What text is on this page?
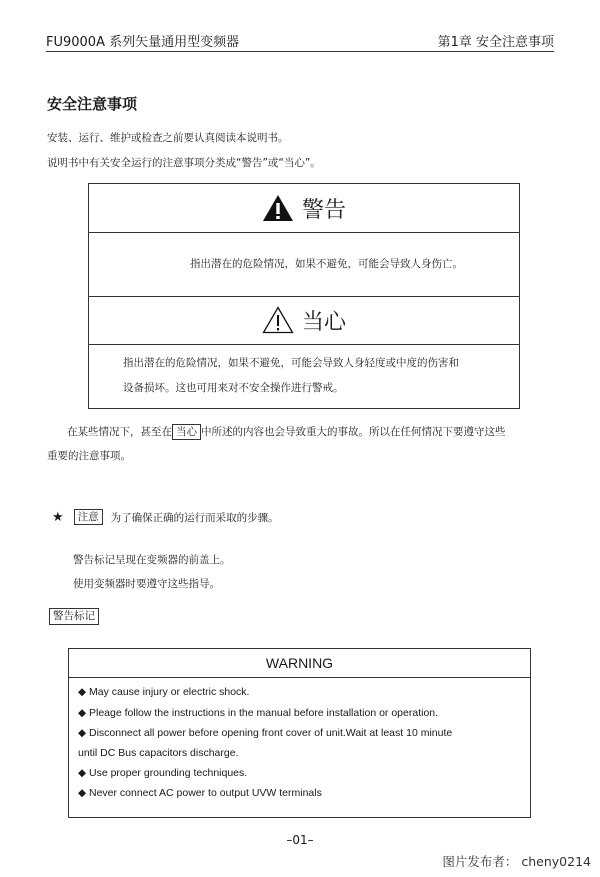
FU9000A 系列矢量通用型变频器	第1章 安全注意事项
安全注意事项
安装、运行、维护或检查之前要认真阅读本说明书。
说明书中有关安全运行的注意事项分类成“警告”或“当心”。
警告
指出潜在的危险情况，如果不避免，可能会导致人身伤亡。
当心
指出潜在的危险情况，如果不避免，可能会导致人身轻度或中度的伤害和
设备损坏。这也可用来对不安全操作进行警戒。
在某些情况下，甚至在 当心 中所述的内容也会导致重大的事故。所以在任何情况下要遵守这些
重要的注意事项。
★	注意	为了确保正确的运行而采取的步骤。
警告标记呈现在变频器的前盖上。
使用变频器时要遵守这些指导。
警告标记
WARNING
◆ May cause injury or electric shock.
◆ Pleage follow the instructions in the manual before installation or operation.
◆ Disconnect all power before opening front cover of unit.Wait at least 10 minute
until DC Bus capacitors discharge.
◆ Use proper grounding techniques.
◆ Never connect AC power to output UVW terminals
–01–
图片发布者： cheny0214
